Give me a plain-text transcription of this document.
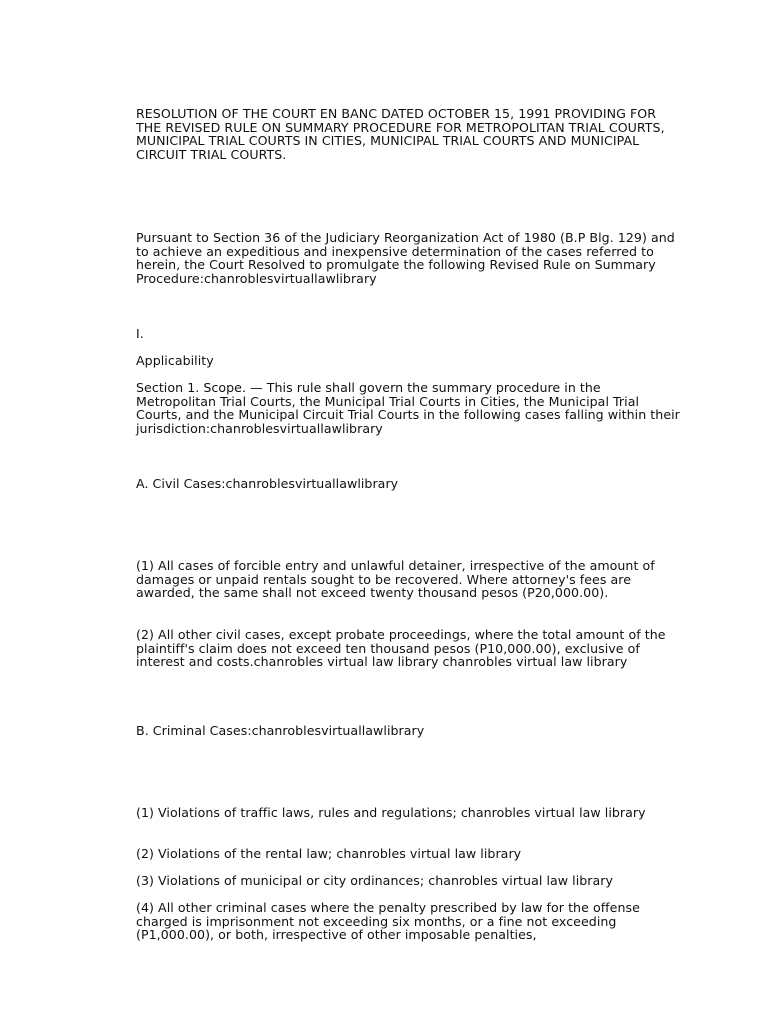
RESOLUTION OF THE COURT EN BANC DATED OCTOBER 15, 1991 PROVIDING FOR THE REVISED RULE ON SUMMARY PROCEDURE FOR METROPOLITAN TRIAL COURTS, MUNICIPAL TRIAL COURTS IN CITIES, MUNICIPAL TRIAL COURTS AND MUNICIPAL CIRCUIT TRIAL COURTS.

Pursuant to Section 36 of the Judiciary Reorganization Act of 1980 (B.P Blg. 129) and to achieve an expeditious and inexpensive determination of the cases referred to herein, the Court Resolved to promulgate the following Revised Rule on Summary Procedure:chanroblesvirtuallawlibrary

I.

Applicability

Section 1. Scope. — This rule shall govern the summary procedure in the Metropolitan Trial Courts, the Municipal Trial Courts in Cities, the Municipal Trial Courts, and the Municipal Circuit Trial Courts in the following cases falling within their jurisdiction:chanroblesvirtuallawlibrary

A. Civil Cases:chanroblesvirtuallawlibrary

(1) All cases of forcible entry and unlawful detainer, irrespective of the amount of damages or unpaid rentals sought to be recovered. Where attorney's fees are awarded, the same shall not exceed twenty thousand pesos (P20,000.00).

(2) All other civil cases, except probate proceedings, where the total amount of the plaintiff's claim does not exceed ten thousand pesos (P10,000.00), exclusive of interest and costs.chanrobles virtual law library chanrobles virtual law library

B. Criminal Cases:chanroblesvirtuallawlibrary

(1) Violations of traffic laws, rules and regulations; chanrobles virtual law library

(2) Violations of the rental law; chanrobles virtual law library

(3) Violations of municipal or city ordinances; chanrobles virtual law library

(4) All other criminal cases where the penalty prescribed by law for the offense charged is imprisonment not exceeding six months, or a fine not exceeding (P1,000.00), or both, irrespective of other imposable penalties,
